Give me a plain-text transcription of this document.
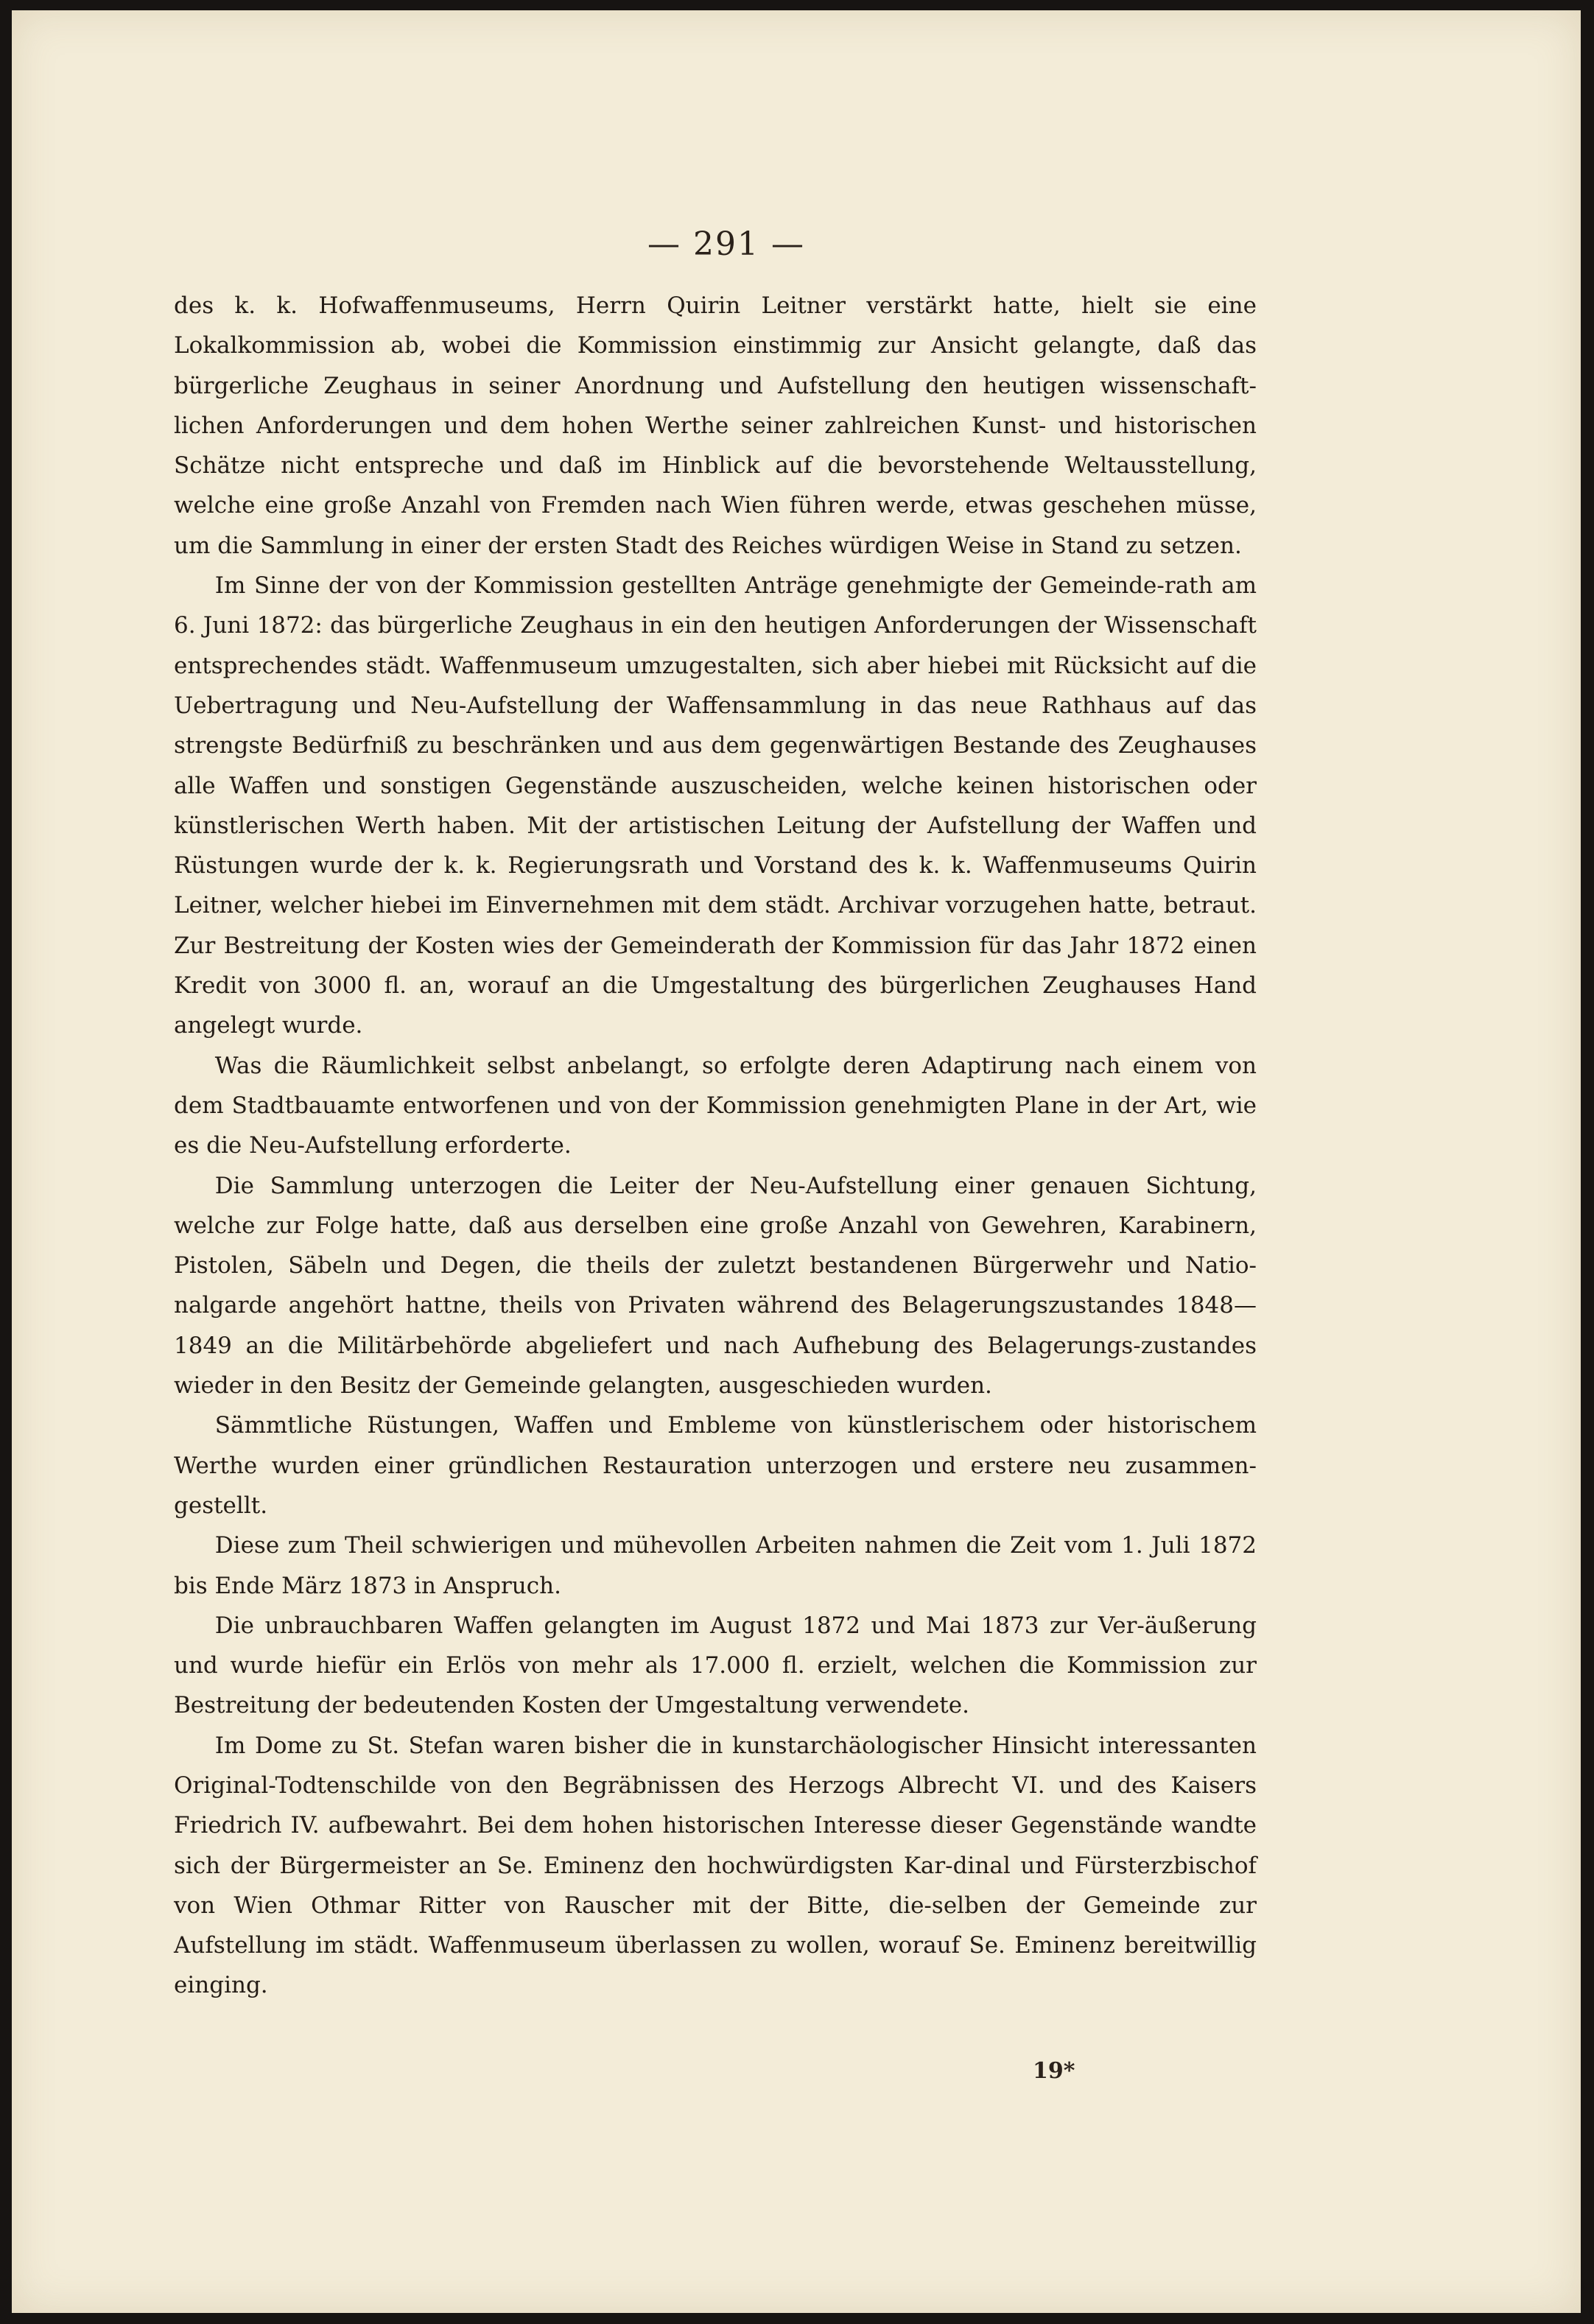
— 291 —

des k. k. Hofwaffenmuseums, Herrn Quirin Leitner verstärkt hatte, hielt sie eine Lokalkommission ab, wobei die Kommission einstimmig zur Ansicht gelangte, daß das bürgerliche Zeughaus in seiner Anordnung und Aufstellung den heutigen wissenschaft-lichen Anforderungen und dem hohen Werthe seiner zahlreichen Kunst- und historischen Schätze nicht entspreche und daß im Hinblick auf die bevorstehende Weltausstellung, welche eine große Anzahl von Fremden nach Wien führen werde, etwas geschehen müsse, um die Sammlung in einer der ersten Stadt des Reiches würdigen Weise in Stand zu setzen.

Im Sinne der von der Kommission gestellten Anträge genehmigte der Gemeinde-rath am 6. Juni 1872: das bürgerliche Zeughaus in ein den heutigen Anforderungen der Wissenschaft entsprechendes städt. Waffenmuseum umzugestalten, sich aber hiebei mit Rücksicht auf die Uebertragung und Neu-Aufstellung der Waffensammlung in das neue Rathhaus auf das strengste Bedürfniß zu beschränken und aus dem gegenwärtigen Bestande des Zeughauses alle Waffen und sonstigen Gegenstände auszuscheiden, welche keinen historischen oder künstlerischen Werth haben. Mit der artistischen Leitung der Aufstellung der Waffen und Rüstungen wurde der k. k. Regierungsrath und Vorstand des k. k. Waffenmuseums Quirin Leitner, welcher hiebei im Einvernehmen mit dem städt. Archivar vorzugehen hatte, betraut. Zur Bestreitung der Kosten wies der Gemeinderath der Kommission für das Jahr 1872 einen Kredit von 3000 fl. an, worauf an die Umgestaltung des bürgerlichen Zeughauses Hand angelegt wurde.

Was die Räumlichkeit selbst anbelangt, so erfolgte deren Adaptirung nach einem von dem Stadtbauamte entworfenen und von der Kommission genehmigten Plane in der Art, wie es die Neu-Aufstellung erforderte.

Die Sammlung unterzogen die Leiter der Neu-Aufstellung einer genauen Sichtung, welche zur Folge hatte, daß aus derselben eine große Anzahl von Gewehren, Karabinern, Pistolen, Säbeln und Degen, die theils der zuletzt bestandenen Bürgerwehr und Natio-nalgarde angehört hattne, theils von Privaten während des Belagerungszustandes 1848—1849 an die Militärbehörde abgeliefert und nach Aufhebung des Belagerungs-zustandes wieder in den Besitz der Gemeinde gelangten, ausgeschieden wurden.

Sämmtliche Rüstungen, Waffen und Embleme von künstlerischem oder historischem Werthe wurden einer gründlichen Restauration unterzogen und erstere neu zusammen-gestellt.

Diese zum Theil schwierigen und mühevollen Arbeiten nahmen die Zeit vom 1. Juli 1872 bis Ende März 1873 in Anspruch.

Die unbrauchbaren Waffen gelangten im August 1872 und Mai 1873 zur Ver-äußerung und wurde hiefür ein Erlös von mehr als 17.000 fl. erzielt, welchen die Kommission zur Bestreitung der bedeutenden Kosten der Umgestaltung verwendete.

Im Dome zu St. Stefan waren bisher die in kunstarchäologischer Hinsicht interessanten Original-Todtenschilde von den Begräbnissen des Herzogs Albrecht VI. und des Kaisers Friedrich IV. aufbewahrt. Bei dem hohen historischen Interesse dieser Gegenstände wandte sich der Bürgermeister an Se. Eminenz den hochwürdigsten Kar-dinal und Fürsterzbischof von Wien Othmar Ritter von Rauscher mit der Bitte, die-selben der Gemeinde zur Aufstellung im städt. Waffenmuseum überlassen zu wollen, worauf Se. Eminenz bereitwillig einging.

19*
